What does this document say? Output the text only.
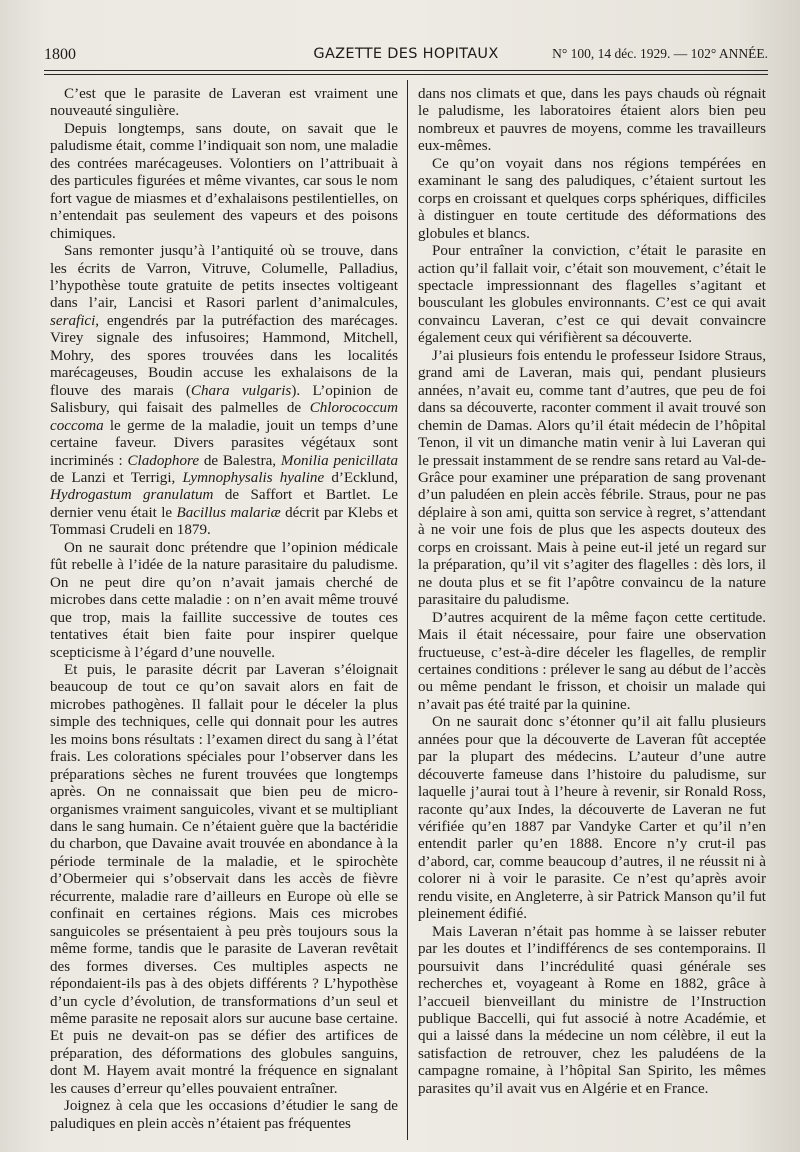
1800	GAZETTE DES HOPITAUX	N° 100, 14 déc. 1929. — 102° ANNÉE.

C’est que le parasite de Laveran est vraiment une nouveauté singulière.

Depuis longtemps, sans doute, on savait que le paludisme était, comme l’indiquait son nom, une maladie des contrées marécageuses. Volontiers on l’attribuait à des particules figurées et même vivantes, car sous le nom fort vague de miasmes et d’exhalaisons pestilentielles, on n’entendait pas seulement des vapeurs et des poisons chimiques.

Sans remonter jusqu’à l’antiquité où se trouve, dans les écrits de Varron, Vitruve, Columelle, Palladius, l’hypothèse toute gratuite de petits insectes voltigeant dans l’air, Lancisi et Rasori parlent d’animalcules, serafici, engendrés par la putréfaction des marécages. Virey signale des infusoires; Hammond, Mitchell, Mohry, des spores trouvées dans les localités marécageuses, Boudin accuse les exhalaisons de la flouve des marais (Chara vulgaris). L’opinion de Salisbury, qui faisait des palmelles de Chlorococcum coccoma le germe de la maladie, jouit un temps d’une certaine faveur. Divers parasites végétaux sont incriminés : Cladophore de Balestra, Monilia penicillata de Lanzi et Terrigi, Lymnophysalis hyaline d’Ecklund, Hydrogastum granulatum de Saffort et Bartlet. Le dernier venu était le Bacillus malariæ décrit par Klebs et Tommasi Crudeli en 1879.

On ne saurait donc prétendre que l’opinion médicale fût rebelle à l’idée de la nature parasitaire du paludisme. On ne peut dire qu’on n’avait jamais cherché de microbes dans cette maladie : on n’en avait même trouvé que trop, mais la faillite successive de toutes ces tentatives était bien faite pour inspirer quelque scepticisme à l’égard d’une nouvelle.

Et puis, le parasite décrit par Laveran s’éloignait beaucoup de tout ce qu’on savait alors en fait de microbes pathogènes. Il fallait pour le déceler la plus simple des techniques, celle qui donnait pour les autres les moins bons résultats : l’examen direct du sang à l’état frais. Les colorations spéciales pour l’observer dans les préparations sèches ne furent trouvées que longtemps après. On ne connaissait que bien peu de micro-organismes vraiment sanguicoles, vivant et se multipliant dans le sang humain. Ce n’étaient guère que la bactéridie du charbon, que Davaine avait trouvée en abondance à la période terminale de la maladie, et le spirochète d’Obermeier qui s’observait dans les accès de fièvre récurrente, maladie rare d’ailleurs en Europe où elle se confinait en certaines régions. Mais ces microbes sanguicoles se présentaient à peu près toujours sous la même forme, tandis que le parasite de Laveran revêtait des formes diverses. Ces multiples aspects ne répondaient-ils pas à des objets différents ? L’hypothèse d’un cycle d’évolution, de transformations d’un seul et même parasite ne reposait alors sur aucune base certaine. Et puis ne devait-on pas se défier des artifices de préparation, des déformations des globules sanguins, dont M. Hayem avait montré la fréquence en signalant les causes d’erreur qu’elles pouvaient entraîner.

Joignez à cela que les occasions d’étudier le sang de paludiques en plein accès n’étaient pas fréquentes

dans nos climats et que, dans les pays chauds où régnait le paludisme, les laboratoires étaient alors bien peu nombreux et pauvres de moyens, comme les travailleurs eux-mêmes.

Ce qu’on voyait dans nos régions tempérées en examinant le sang des paludiques, c’étaient surtout les corps en croissant et quelques corps sphériques, difficiles à distinguer en toute certitude des déformations des globules et blancs.

Pour entraîner la conviction, c’était le parasite en action qu’il fallait voir, c’était son mouvement, c’était le spectacle impressionnant des flagelles s’agitant et bousculant les globules environnants. C’est ce qui avait convaincu Laveran, c’est ce qui devait convaincre également ceux qui vérifièrent sa découverte.

J’ai plusieurs fois entendu le professeur Isidore Straus, grand ami de Laveran, mais qui, pendant plusieurs années, n’avait eu, comme tant d’autres, que peu de foi dans sa découverte, raconter comment il avait trouvé son chemin de Damas. Alors qu’il était médecin de l’hôpital Tenon, il vit un dimanche matin venir à lui Laveran qui le pressait instamment de se rendre sans retard au Val-de-Grâce pour examiner une préparation de sang provenant d’un paludéen en plein accès fébrile. Straus, pour ne pas déplaire à son ami, quitta son service à regret, s’attendant à ne voir une fois de plus que les aspects douteux des corps en croissant. Mais à peine eut-il jeté un regard sur la préparation, qu’il vit s’agiter des flagelles : dès lors, il ne douta plus et se fit l’apôtre convaincu de la nature parasitaire du paludisme.

D’autres acquirent de la même façon cette certitude. Mais il était nécessaire, pour faire une observation fructueuse, c’est-à-dire déceler les flagelles, de remplir certaines conditions : prélever le sang au début de l’accès ou même pendant le frisson, et choisir un malade qui n’avait pas été traité par la quinine.

On ne saurait donc s’étonner qu’il ait fallu plusieurs années pour que la découverte de Laveran fût acceptée par la plupart des médecins. L’auteur d’une autre découverte fameuse dans l’histoire du paludisme, sur laquelle j’aurai tout à l’heure à revenir, sir Ronald Ross, raconte qu’aux Indes, la découverte de Laveran ne fut vérifiée qu’en 1887 par Vandyke Carter et qu’il n’en entendit parler qu’en 1888. Encore n’y crut-il pas d’abord, car, comme beaucoup d’autres, il ne réussit ni à colorer ni à voir le parasite. Ce n’est qu’après avoir rendu visite, en Angleterre, à sir Patrick Manson qu’il fut pleinement édifié.

Mais Laveran n’était pas homme à se laisser rebuter par les doutes et l’indifférencs de ses contemporains. Il poursuivit dans l’incrédulité quasi générale ses recherches et, voyageant à Rome en 1882, grâce à l’accueil bienveillant du ministre de l’Instruction publique Baccelli, qui fut associé à notre Académie, et qui a laissé dans la médecine un nom célèbre, il eut la satisfaction de retrouver, chez les paludéens de la campagne romaine, à l’hôpital San Spirito, les mêmes parasites qu’il avait vus en Algérie et en France.
